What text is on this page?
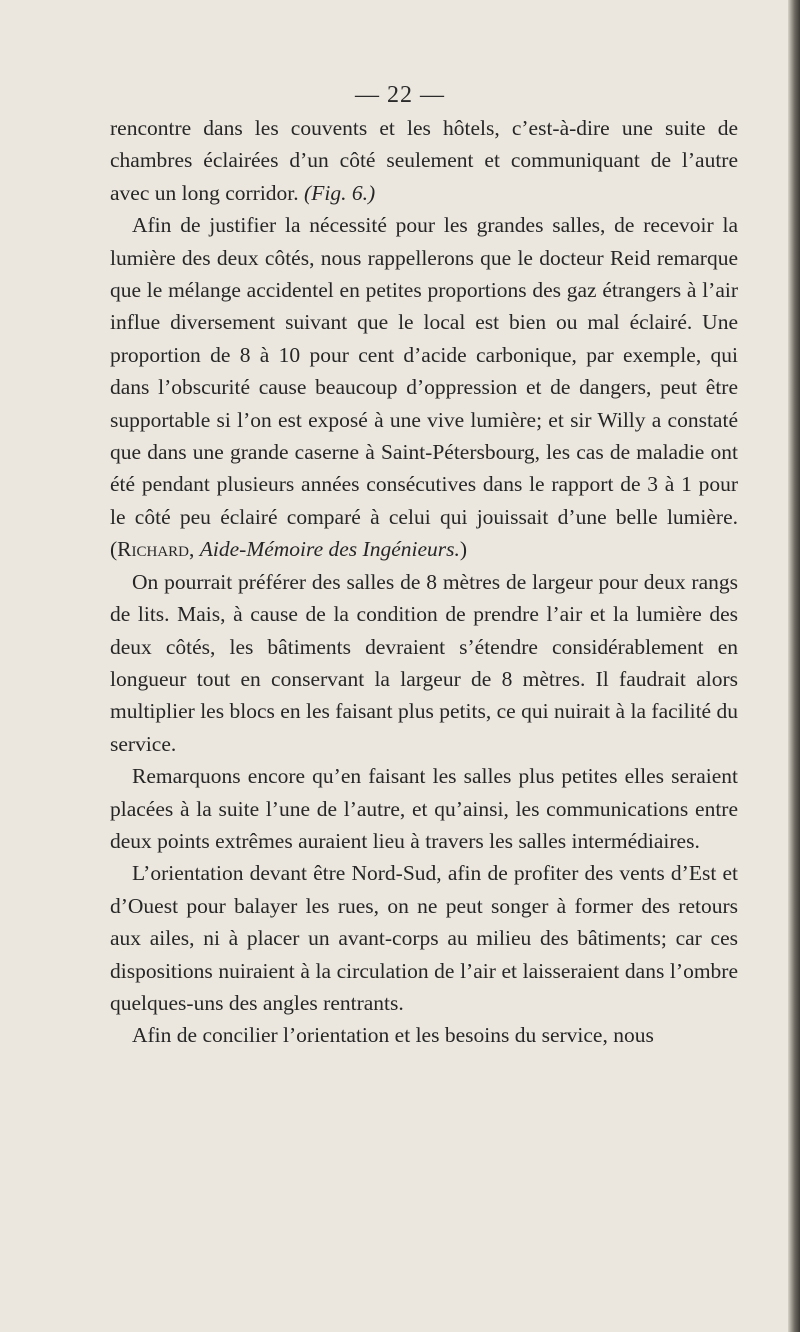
— 22 —

rencontre dans les couvents et les hôtels, c’est-à-dire une suite de chambres éclairées d’un côté seulement et communiquant de l’autre avec un long corridor. (Fig. 6.)

Afin de justifier la nécessité pour les grandes salles, de recevoir la lumière des deux côtés, nous rappellerons que le docteur Reid remarque que le mélange accidentel en petites proportions des gaz étrangers à l’air influe diversement suivant que le local est bien ou mal éclairé. Une proportion de 8 à 10 pour cent d’acide carbonique, par exemple, qui dans l’obscurité cause beaucoup d’oppression et de dangers, peut être supportable si l’on est exposé à une vive lumière; et sir Willy a constaté que dans une grande caserne à Saint-Pétersbourg, les cas de maladie ont été pendant plusieurs années consécutives dans le rapport de 3 à 1 pour le côté peu éclairé comparé à celui qui jouissait d’une belle lumière. (Richard, Aide-Mémoire des Ingénieurs.)

On pourrait préférer des salles de 8 mètres de largeur pour deux rangs de lits. Mais, à cause de la condition de prendre l’air et la lumière des deux côtés, les bâtiments devraient s’étendre considérablement en longueur tout en conservant la largeur de 8 mètres. Il faudrait alors multiplier les blocs en les faisant plus petits, ce qui nuirait à la facilité du service.

Remarquons encore qu’en faisant les salles plus petites elles seraient placées à la suite l’une de l’autre, et qu’ainsi, les communications entre deux points extrêmes auraient lieu à travers les salles intermédiaires.

L’orientation devant être Nord-Sud, afin de profiter des vents d’Est et d’Ouest pour balayer les rues, on ne peut songer à former des retours aux ailes, ni à placer un avant-corps au milieu des bâtiments; car ces dispositions nuiraient à la circulation de l’air et laisseraient dans l’ombre quelques-uns des angles rentrants.

Afin de concilier l’orientation et les besoins du service, nous
